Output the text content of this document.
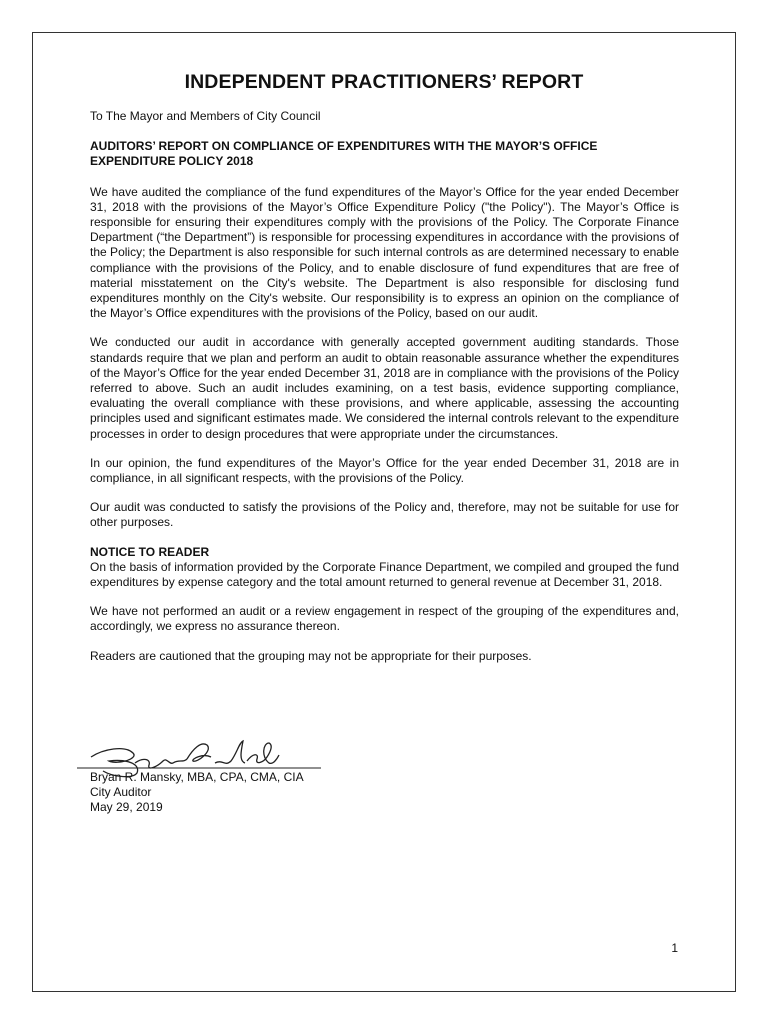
INDEPENDENT PRACTITIONERS’ REPORT

To The Mayor and Members of City Council

AUDITORS’ REPORT ON COMPLIANCE OF EXPENDITURES WITH THE MAYOR’S OFFICE EXPENDITURE POLICY 2018

We have audited the compliance of the fund expenditures of the Mayor’s Office for the year ended December 31, 2018 with the provisions of the Mayor’s Office Expenditure Policy ("the Policy"). The Mayor’s Office is responsible for ensuring their expenditures comply with the provisions of the Policy. The Corporate Finance Department (“the Department”) is responsible for processing expenditures in accordance with the provisions of the Policy; the Department is also responsible for such internal controls as are determined necessary to enable compliance with the provisions of the Policy, and to enable disclosure of fund expenditures that are free of material misstatement on the City's website. The Department is also responsible for disclosing fund expenditures monthly on the City's website. Our responsibility is to express an opinion on the compliance of the Mayor’s Office expenditures with the provisions of the Policy, based on our audit.

We conducted our audit in accordance with generally accepted government auditing standards. Those standards require that we plan and perform an audit to obtain reasonable assurance whether the expenditures of the Mayor’s Office for the year ended December 31, 2018 are in compliance with the provisions of the Policy referred to above. Such an audit includes examining, on a test basis, evidence supporting compliance, evaluating the overall compliance with these provisions, and where applicable, assessing the accounting principles used and significant estimates made. We considered the internal controls relevant to the expenditure processes in order to design procedures that were appropriate under the circumstances.

In our opinion, the fund expenditures of the Mayor’s Office for the year ended December 31, 2018 are in compliance, in all significant respects, with the provisions of the Policy.

Our audit was conducted to satisfy the provisions of the Policy and, therefore, may not be suitable for use for other purposes.

NOTICE TO READER

On the basis of information provided by the Corporate Finance Department, we compiled and grouped the fund expenditures by expense category and the total amount returned to general revenue at December 31, 2018.

We have not performed an audit or a review engagement in respect of the grouping of the expenditures and, accordingly, we express no assurance thereon.

Readers are cautioned that the grouping may not be appropriate for their purposes.

Bryan R. Mansky, MBA, CPA, CMA, CIA
City Auditor
May 29, 2019
1
